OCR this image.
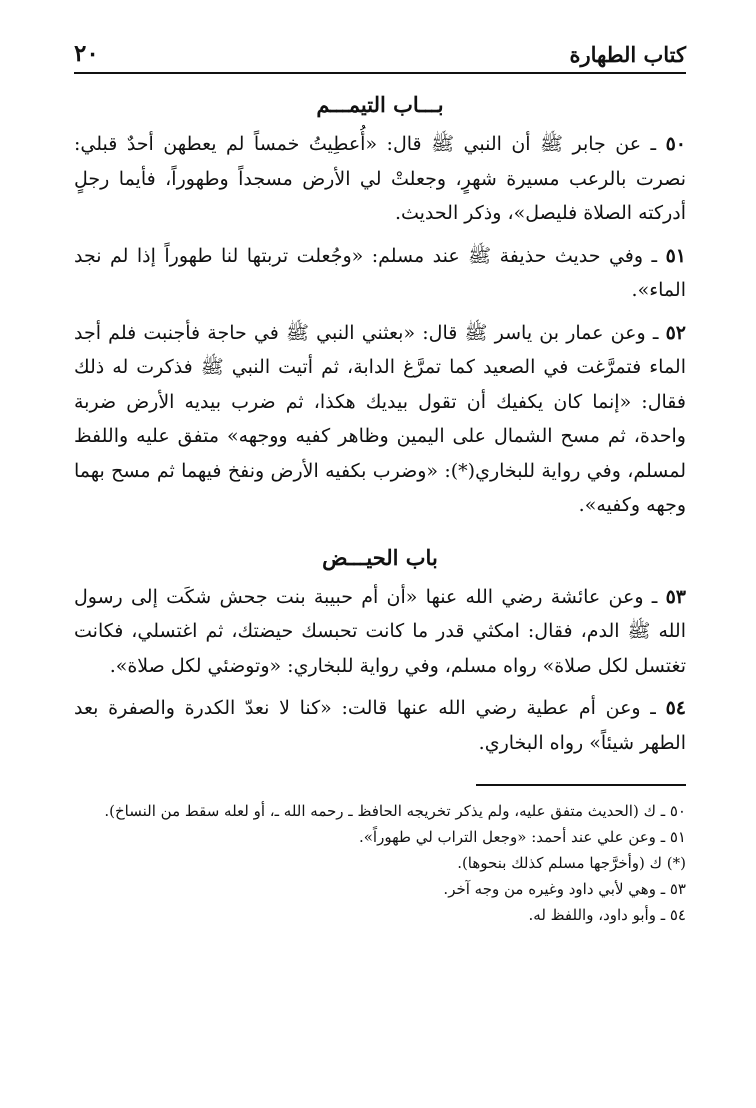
كتاب الطهارة
٢٠
بـــاب التيمـــم

٥٠ ـ عن جابر ﷺ أن النبي ﷺ قال: «أُعطِيتُ خمساً لم يعطهن أحدٌ قبلي: نصرت بالرعب مسيرة شهرٍ، وجعلتْ لي الأرض مسجداً وطهوراً، فأيما رجلٍ أدركته الصلاة فليصل»، وذكر الحديث.

٥١ ـ وفي حديث حذيفة ﷺ عند مسلم: «وجُعلت تربتها لنا طهوراً إذا لم نجد الماء».

٥٢ ـ وعن عمار بن ياسر ﷺ قال: «بعثني النبي ﷺ في حاجة فأجنبت فلم أجد الماء فتمرَّغت في الصعيد كما تمرَّغ الدابة، ثم أتيت النبي ﷺ فذكرت له ذلك فقال: «إنما كان يكفيك أن تقول بيديك هكذا، ثم ضرب بيديه الأرض ضربة واحدة، ثم مسح الشمال على اليمين وظاهر كفيه ووجهه» متفق عليه واللفظ لمسلم، وفي رواية للبخاري(*): «وضرب بكفيه الأرض ونفخ فيهما ثم مسح بهما وجهه وكفيه».

باب الحيـــض

٥٣ ـ وعن عائشة رضي الله عنها «أن أم حبيبة بنت جحش شكَت إلى رسول الله ﷺ الدم، فقال: امكثي قدر ما كانت تحبسك حيضتك، ثم اغتسلي، فكانت تغتسل لكل صلاة» رواه مسلم، وفي رواية للبخاري: «وتوضئي لكل صلاة».

٥٤ ـ وعن أم عطية رضي الله عنها قالت: «كنا لا نعدّ الكدرة والصفرة بعد الطهر شيئاً» رواه البخاري.

٥٠ ـ ك (الحديث متفق عليه، ولم يذكر تخريجه الحافظ ـ رحمه الله ـ، أو لعله سقط من النساخ).

٥١ ـ وعن علي عند أحمد: «وجعل التراب لي طهوراً».

(*) ك (وأخرَّجها مسلم كذلك بنحوها).

٥٣ ـ وهي لأبي داود وغيره من وجه آخر.

٥٤ ـ وأبو داود، واللفظ له.
